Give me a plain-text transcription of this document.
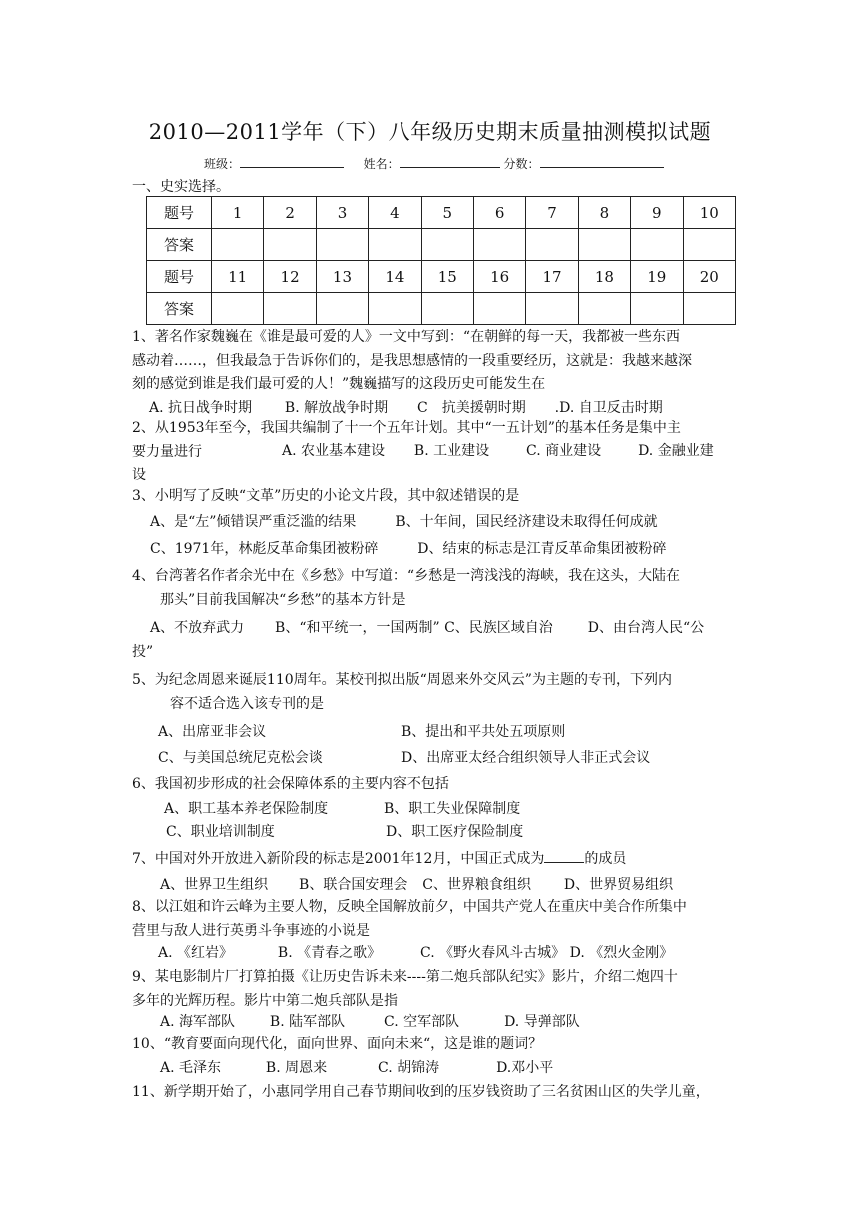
2010—2011学年（下）八年级历史期末质量抽测模拟试题
班级：	姓名：	分数：
一、史实选择。
题号	1	2	3	4	5	6	7	8	9	10
答案										
题号	11	12	13	14	15	16	17	18	19	20
答案										
1、著名作家魏巍在《谁是最可爱的人》一文中写到：“在朝鲜的每一天，我都被一些东西
感动着……，但我最急于告诉你们的，是我思想感情的一段重要经历，这就是：我越来越深
刻的感觉到谁是我们最可爱的人！”魏巍描写的这段历史可能发生在
A. 抗日战争时期 B. 解放战争时期 C　抗美援朝时期 .D. 自卫反击时期
2、从1953年至今，我国共编制了十一个五年计划。其中“一五计划”的基本任务是集中主
要力量进行
设
A. 农业基本建设 B. 工业建设	C. 商业建设	D. 金融业建
3、小明写了反映“文革”历史的小论文片段，其中叙述错误的是
A、是“左”倾错误严重泛滥的结果	B、十年间，国民经济建设未取得任何成就
C、1971年，林彪反革命集团被粉碎	D、结束的标志是江青反革命集团被粉碎
4、台湾著名作者余光中在《乡愁》中写道：“乡愁是一湾浅浅的海峡，我在这头，大陆在
那头”目前我国解决“乡愁”的基本方针是
A、不放弃武力 B、“和平统一，一国两制” C、民族区域自治 D、由台湾人民“公
投”
5、为纪念周恩来诞辰110周年。某校刊拟出版“周恩来外交风云”为主题的专刊，下列内
容不适合选入该专刊的是
A、出席亚非会议	B、提出和平共处五项原则
C、与美国总统尼克松会谈	D、出席亚太经合组织领导人非正式会议
6、我国初步形成的社会保障体系的主要内容不包括
A、职工基本养老保险制度	B、职工失业保障制度
C、职业培训制度	D、职工医疗保险制度
7、中国对外开放进入新阶段的标志是2001年12月，中国正式成为	的成员
A、世界卫生组织 B、联合国安理会 C、世界粮食组织 D、世界贸易组织
8、以江姐和许云峰为主要人物，反映全国解放前夕，中国共产党人在重庆中美合作所集中
营里与敌人进行英勇斗争事迹的小说是
A. 《红岩》	B. 《青春之歌》	C. 《野火春风斗古城》 D. 《烈火金刚》
9、某电影制片厂打算拍摄《让历史告诉未来----第二炮兵部队纪实》影片，介绍二炮四十
多年的光辉历程。影片中第二炮兵部队是指
A. 海军部队 B. 陆军部队	C. 空军部队	D. 导弹部队
10、“教育要面向现代化，面向世界、面向未来“，这是谁的题词？
A. 毛泽东	B. 周恩来	C. 胡锦涛	D.邓小平
11、新学期开始了，小惠同学用自己春节期间收到的压岁钱资助了三名贫困山区的失学儿童，
